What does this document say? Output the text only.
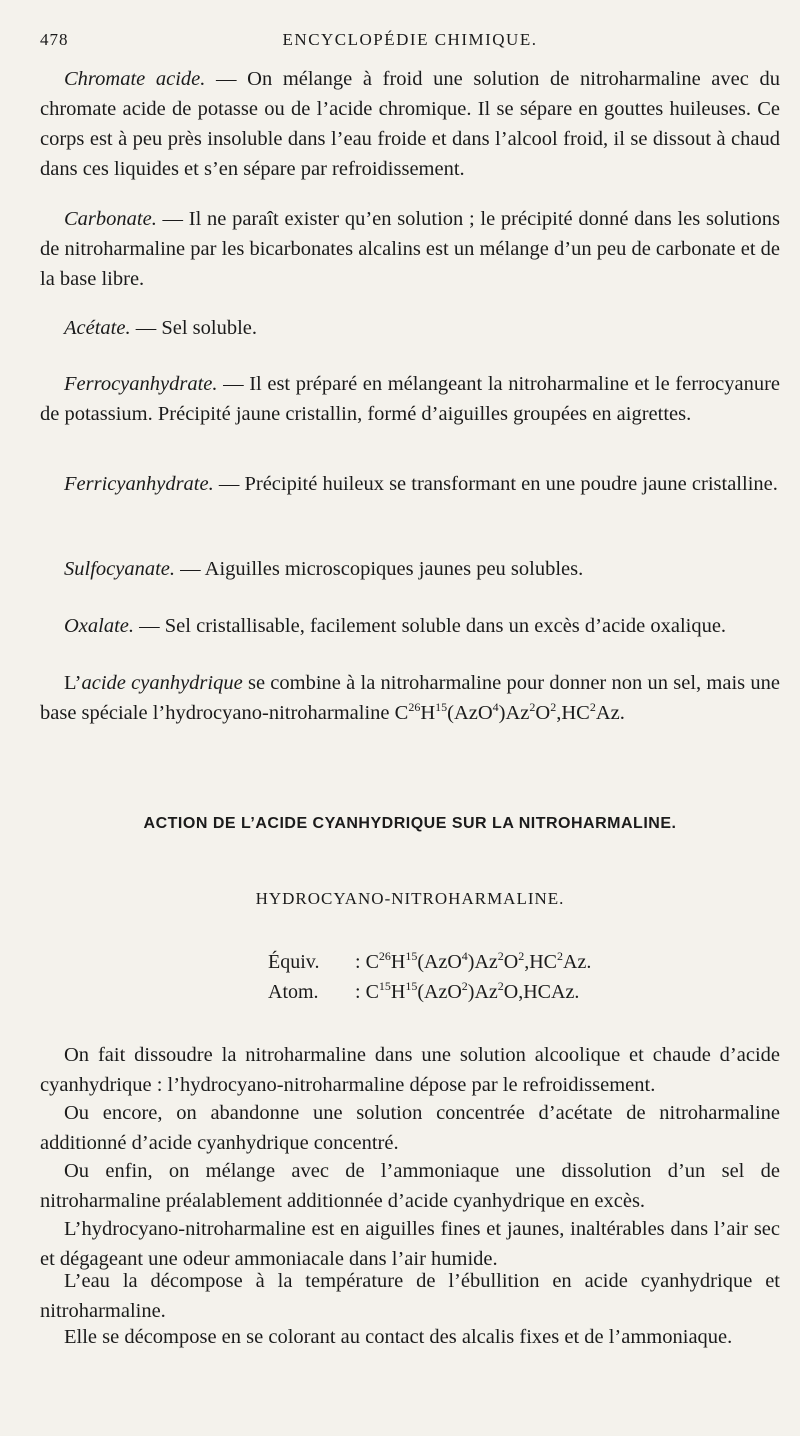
478	ENCYCLOPÉDIE CHIMIQUE.
Chromate acide. — On mélange à froid une solution de nitroharmaline avec du chromate acide de potasse ou de l’acide chromique. Il se sépare en gouttes huileuses. Ce corps est à peu près insoluble dans l’eau froide et dans l’alcool froid, il se dissout à chaud dans ces liquides et s’en sépare par refroidissement.
Carbonate. — Il ne paraît exister qu’en solution ; le précipité donné dans les solutions de nitroharmaline par les bicarbonates alcalins est un mélange d’un peu de carbonate et de la base libre.
Acétate. — Sel soluble.
Ferrocyanhydrate. — Il est préparé en mélangeant la nitroharmaline et le ferrocyanure de potassium. Précipité jaune cristallin, formé d’aiguilles groupées en aigrettes.
Ferricyanhydrate. — Précipité huileux se transformant en une poudre jaune cristalline.
Sulfocyanate. — Aiguilles microscopiques jaunes peu solubles.
Oxalate. — Sel cristallisable, facilement soluble dans un excès d’acide oxalique.
L’acide cyanhydrique se combine à la nitroharmaline pour donner non un sel, mais une base spéciale l’hydrocyano-nitroharmaline $C^{26}H^{15}(AzO^4)Az^2O^2,HC^2Az$.
ACTION DE L’ACIDE CYANHYDRIQUE SUR LA NITROHARMALINE.
HYDROCYANO-NITROHARMALINE.
Équiv. : $C^{26}H^{15}(AzO^4)Az^2O^2,HC^2Az$.
Atom. : $C^{15}H^{15}(AzO^2)Az^2O,HCAz$.
On fait dissoudre la nitroharmaline dans une solution alcoolique et chaude d’acide cyanhydrique : l’hydrocyano-nitroharmaline dépose par le refroidissement.
Ou encore, on abandonne une solution concentrée d’acétate de nitroharmaline additionné d’acide cyanhydrique concentré.
Ou enfin, on mélange avec de l’ammoniaque une dissolution d’un sel de nitroharmaline préalablement additionnée d’acide cyanhydrique en excès.
L’hydrocyano-nitroharmaline est en aiguilles fines et jaunes, inaltérables dans l’air sec et dégageant une odeur ammoniacale dans l’air humide.
L’eau la décompose à la température de l’ébullition en acide cyanhydrique et nitroharmaline.
Elle se décompose en se colorant au contact des alcalis fixes et de l’ammoniaque.
